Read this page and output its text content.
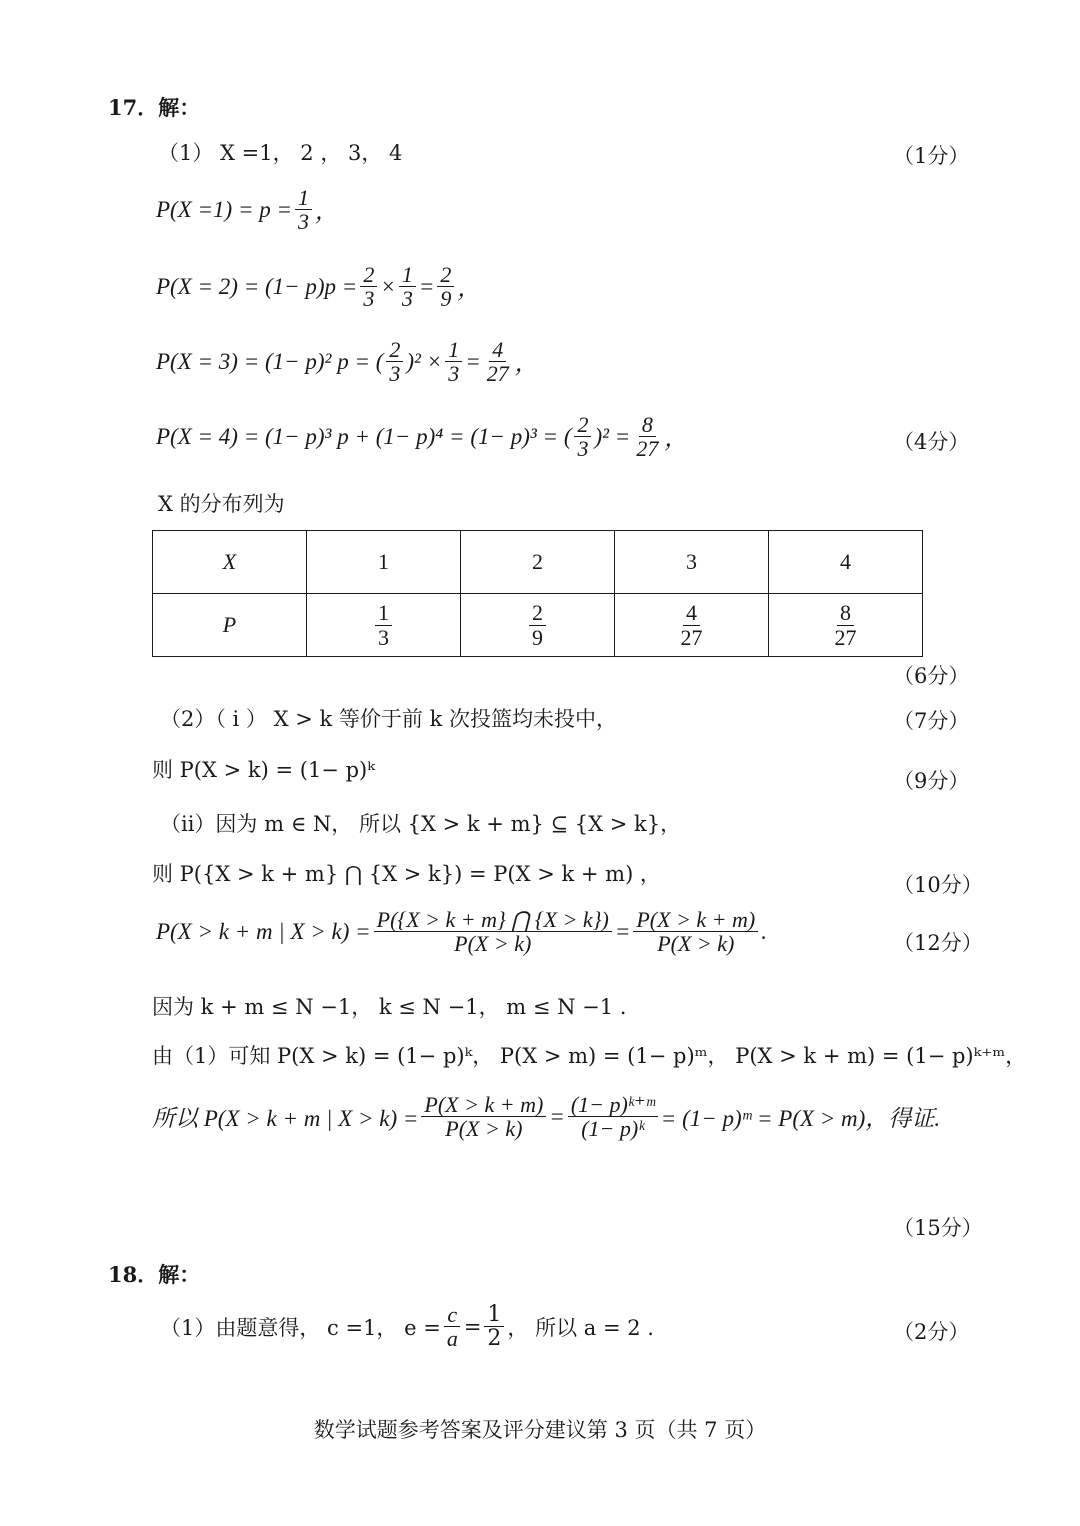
17．解：
（1） X =1， 2 ， 3， 4	（1分）
$P(X =1) = p = \frac{1}{3}$ ，
$P(X = 2) = (1- p)p = \frac{2}{3} \times \frac{1}{3} = \frac{2}{9}$ ，
P(X = 3) = (1− p)² p = ( $\frac{2}{3} )^2 \times \frac{1}{3} = \frac{4}{27}$ ，
P(X = 4) = (1− p)³ p + (1− p)⁴ = (1− p)³ = ( $\frac{2}{3} )^2 = \frac{8}{27}$ ，	（4分）
X 的分布列为
X	1	2	3	4
P	$\frac{1}{3}$	$\frac{2}{9}$	$\frac{4}{27}$	$\frac{8}{27}$
（6分）
（2）（ i ） X > k 等价于前 k 次投篮均未投中，	（7分）
则 P(X > k) = (1− p)ᵏ	（9分）
（ii）因为 m ∈ N， 所以 {X > k + m} ⊆ {X > k}，
则 P({X > k + m} ⋂ {X > k}) = P(X > k + m) ，	（10分）
P(X > k + m | $X > k) = \frac{P(\{X > k + m\} ⋂ \{X > k\})}{P(X > k)} = \frac{P(X > k + m)}{P(X > k)}$ .	（12分）
因为 k + m ≤ N −1， k ≤ N −1， m ≤ N −1 .
由（1）可知 P(X > k) = (1− p)ᵏ， P(X > m) = (1− p)ᵐ， P(X > k + m) = (1− p)ᵏ⁺ᵐ，
所以 P(X > k + m | $X > k) = \frac{P(X > k + m)}{P(X > k)} = \frac{\text{(1− p)ᵏ⁺ᵐ}}{\text{(1− p)ᵏ}} = (1-$ p)ᵐ = P(X > m)，得证.
（15分）
18．解：
（1）由题意得， c =1， $e = \frac{c}{a} = \frac{1}{2}$ ， 所以 a = 2 .	（2分）
数学试题参考答案及评分建议第 3 页（共 7 页）
